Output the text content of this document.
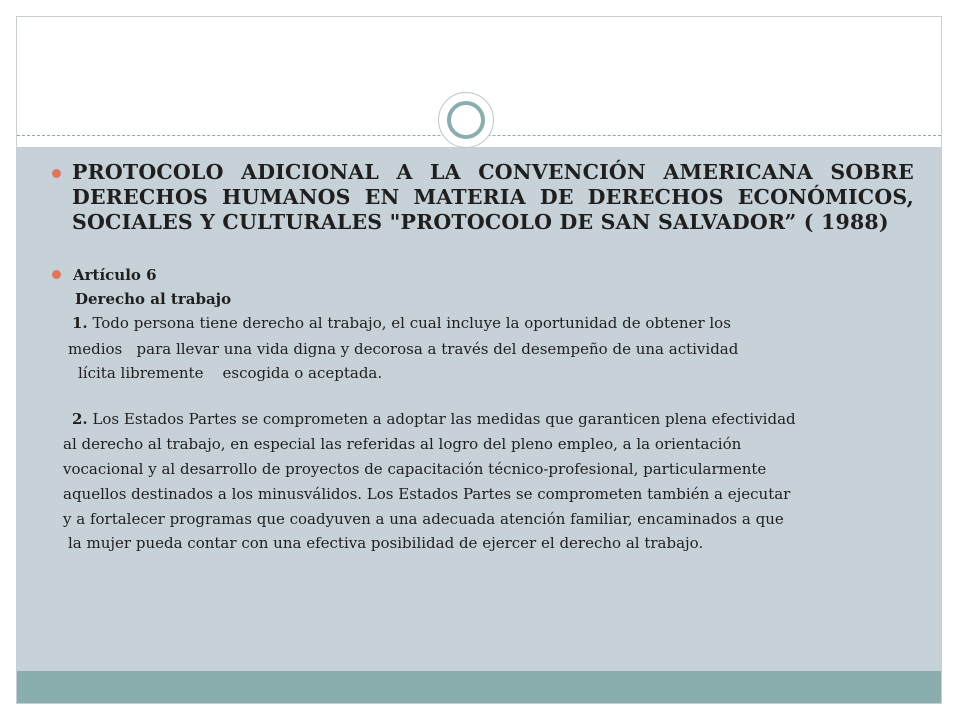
PROTOCOLO ADICIONAL A LA CONVENCIÓN AMERICANA SOBRE DERECHOS HUMANOS EN MATERIA DE DERECHOS ECONÓMICOS, SOCIALES Y CULTURALES "PROTOCOLO DE SAN SALVADOR” ( 1988)
Artículo 6
Derecho al trabajo
1. Todo persona tiene derecho al trabajo, el cual incluye la oportunidad de obtener los
medios   para llevar una vida digna y decorosa a través del desempeño de una actividad
lícita libremente    escogida o aceptada.
2. Los Estados Partes se comprometen a adoptar las medidas que garanticen plena efectividad
al derecho al trabajo, en especial las referidas al logro del pleno empleo, a la orientación
vocacional y al desarrollo de proyectos de capacitación técnico-profesional, particularmente
aquellos destinados a los minusválidos. Los Estados Partes se comprometen también a ejecutar
y a fortalecer programas que coadyuven a una adecuada atención familiar, encaminados a que
la mujer pueda contar con una efectiva posibilidad de ejercer el derecho al trabajo.
